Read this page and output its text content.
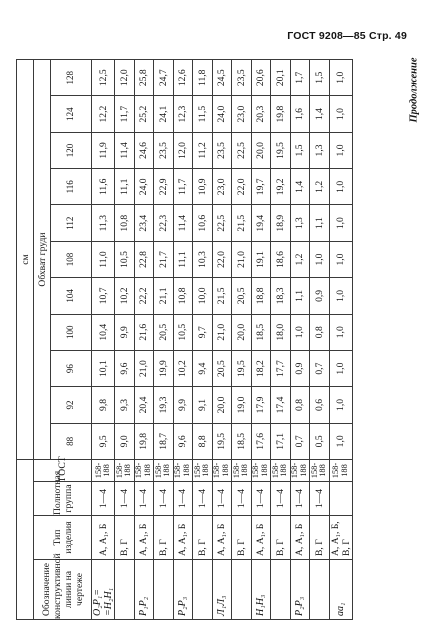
ГОСТ 9208—85 Стр. 49
Продолжение
				см										
Обозначение конструктивной линии на чертеже	Тип изделия	Полнотная группа	ГОСТ	Обхват груди										
				88	92	96	100	104	108	112	116	120	124	128
О₂Р₁= =Н₂Н₁	А, А₁, Б	1—4	158-188	9,5	9,8	10,1	10,4	10,7	11,0	11,3	11,6	11,9	12,2	12,5
	В, Г	1—4	158-188	9,0	9,3	9,6	9,9	10,2	10,5	10,8	11,1	11,4	11,7	12,0
Р₁Р₂	А, А₁, Б	1—4	158-188	19,8	20,4	21,0	21,6	22,2	22,8	23,4	24,0	24,6	25,2	25,8
	В, Г	1—4	158-188	18,7	19,3	19,9	20,5	21,1	21,7	22,3	22,9	23,5	24,1	24,7
Р₂Р₃	А, А₁, Б	1—4	158-188	9,6	9,9	10,2	10,5	10,8	11,1	11,4	11,7	12,0	12,3	12,6
	В, Г	1—4	158-188	8,8	9,1	9,4	9,7	10,0	10,3	10,6	10,9	11,2	11,5	11,8
Л₁Л₃	А, А₁, Б	1—4	158-188	19,5	20,0	20,5	21,0	21,5	22,0	22,5	23,0	23,5	24,0	24,5
	В, Г	1—4	158-188	18,5	19,0	19,5	20,0	20,5	21,0	21,5	22,0	22,5	23,0	23,5
Н₁Н₃	А, А₁, Б	1—4	158-188	17,6	17,9	18,2	18,5	18,8	19,1	19,4	19,7	20,0	20,3	20,6
	В, Г	1—4	158-188	17,1	17,4	17,7	18,0	18,3	18,6	18,9	19,2	19,5	19,8	20,1
Р₂Р₃	А, А₁, Б	1—4	158-188	0,7	0,8	0,9	1,0	1,1	1,2	1,3	1,4	1,5	1,6	1,7
	В, Г	1—4	158-188	0,5	0,6	0,7	0,8	0,9	1,0	1,1	1,2	1,3	1,4	1,5
аа₁	А, А₁, Б, В, Г		158-188	1,0	1,0	1,0	1,0	1,0	1,0	1,0	1,0	1,0	1,0	1,0
